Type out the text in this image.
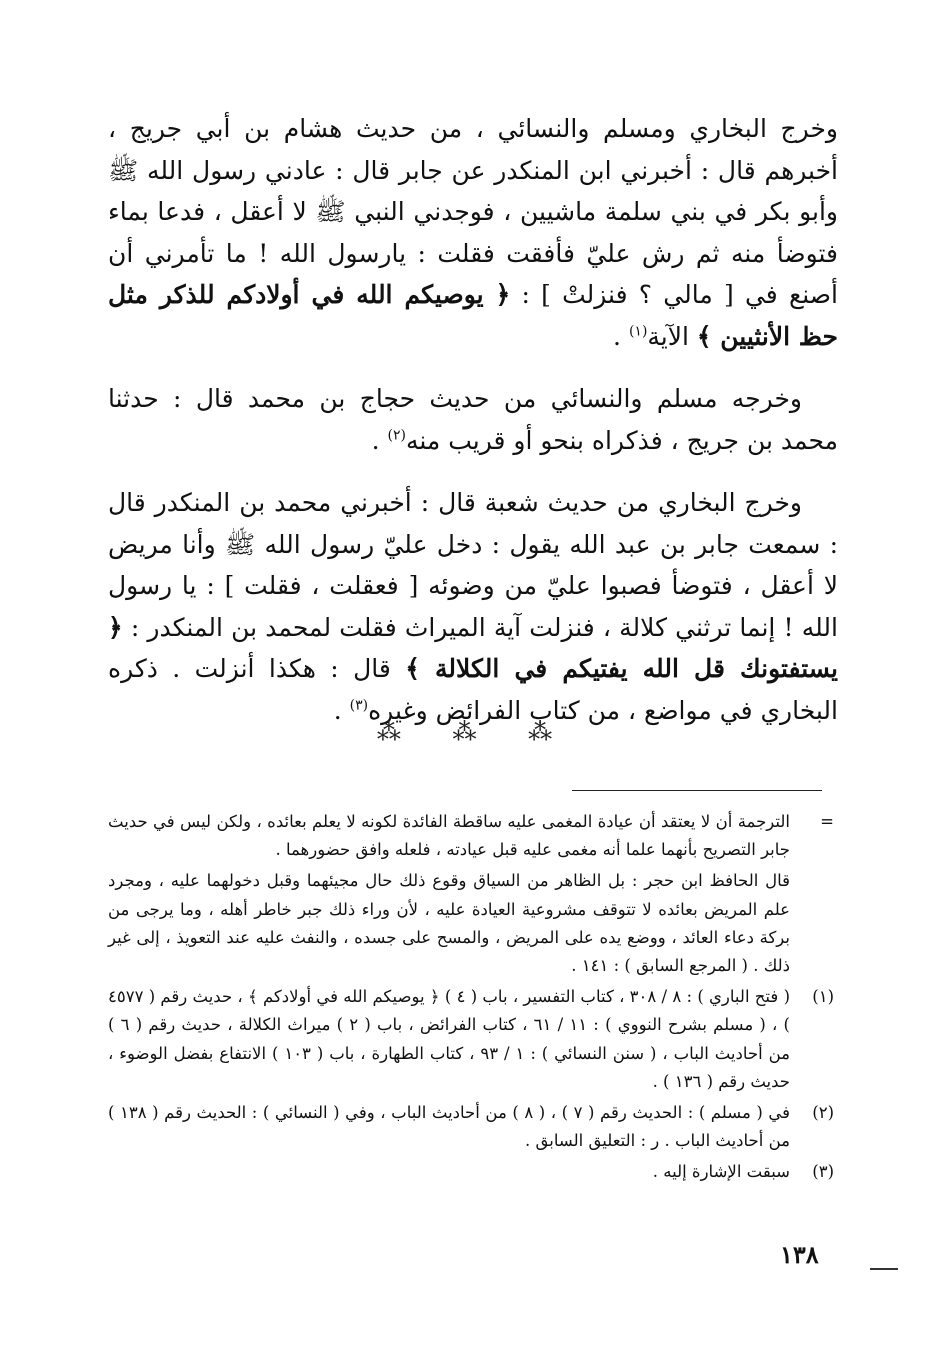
وخرج البخاري ومسلم والنسائي ، من حديث هشام بن أبي جريج ، أخبرهم قال : أخبرني ابن المنكدر عن جابر قال : عادني رسول الله ﷺ وأبو بكر في بني سلمة ماشيين ، فوجدني النبي ﷺ لا أعقل ، فدعا بماء فتوضأ منه ثم رش عليّ فأفقت فقلت : يارسول الله ! ما تأمرني أن أصنع في [ مالي ؟ فنزلتْ ] : ﴿ يوصيكم الله في أولادكم للذكر مثل حظ الأنثيين ﴾ الآية$^{(١)}$ .

وخرجه مسلم والنسائي من حديث حجاج بن محمد قال : حدثنا محمد بن جريج ، فذكراه بنحو أو قريب منه$^{(٢)}$ .

وخرج البخاري من حديث شعبة قال : أخبرني محمد بن المنكدر قال : سمعت جابر بن عبد الله يقول : دخل عليّ رسول الله ﷺ وأنا مريض لا أعقل ، فتوضأ فصبوا عليّ من وضوئه [ فعقلت ، فقلت ] : يا رسول الله ! إنما ترثني كلالة ، فنزلت آية الميراث فقلت لمحمد بن المنكدر : ﴿ يستفتونك قل الله يفتيكم في الكلالة ﴾ قال : هكذا أنزلت . ذكره البخاري في مواضع ، من كتاب الفرائض وغيره$^{(٣)}$ .

⁂ ⁂ ⁂
=

الترجمة أن لا يعتقد أن عيادة المغمى عليه ساقطة الفائدة لكونه لا يعلم بعائده ، ولكن ليس في حديث جابر التصريح بأنهما علما أنه مغمى عليه قبل عيادته ، فلعله وافق حضورهما .

قال الحافظ ابن حجر : بل الظاهر من السياق وقوع ذلك حال مجيئهما وقبل دخولهما عليه ، ومجرد علم المريض بعائده لا تتوقف مشروعية العيادة عليه ، لأن وراء ذلك جبر خاطر أهله ، وما يرجى من بركة دعاء العائد ، ووضع يده على المريض ، والمسح على جسده ، والنفث عليه عند التعويذ ، إلى غير ذلك . ( المرجع السابق ) : ١٤١ .

(١)
( فتح الباري ) : ٨ / ٣٠٨ ، كتاب التفسير ، باب ( ٤ ) ﴿ يوصيكم الله في أولادكم ﴾ ، حديث رقم ( ٤٥٧٧ ) ، ( مسلم بشرح النووي ) : ١١ / ٦١ ، كتاب الفرائض ، باب ( ٢ ) ميراث الكلالة ، حديث رقم ( ٦ ) من أحاديث الباب ، ( سنن النسائي ) : ١ / ٩٣ ، كتاب الطهارة ، باب ( ١٠٣ ) الانتفاع بفضل الوضوء ، حديث رقم ( ١٣٦ ) .
(٢)
في ( مسلم ) : الحديث رقم ( ٧ ) ، ( ٨ ) من أحاديث الباب ، وفي ( النسائي ) : الحديث رقم ( ١٣٨ ) من أحاديث الباب . ر : التعليق السابق .
(٣)
سبقت الإشارة إليه .
١٣٨
